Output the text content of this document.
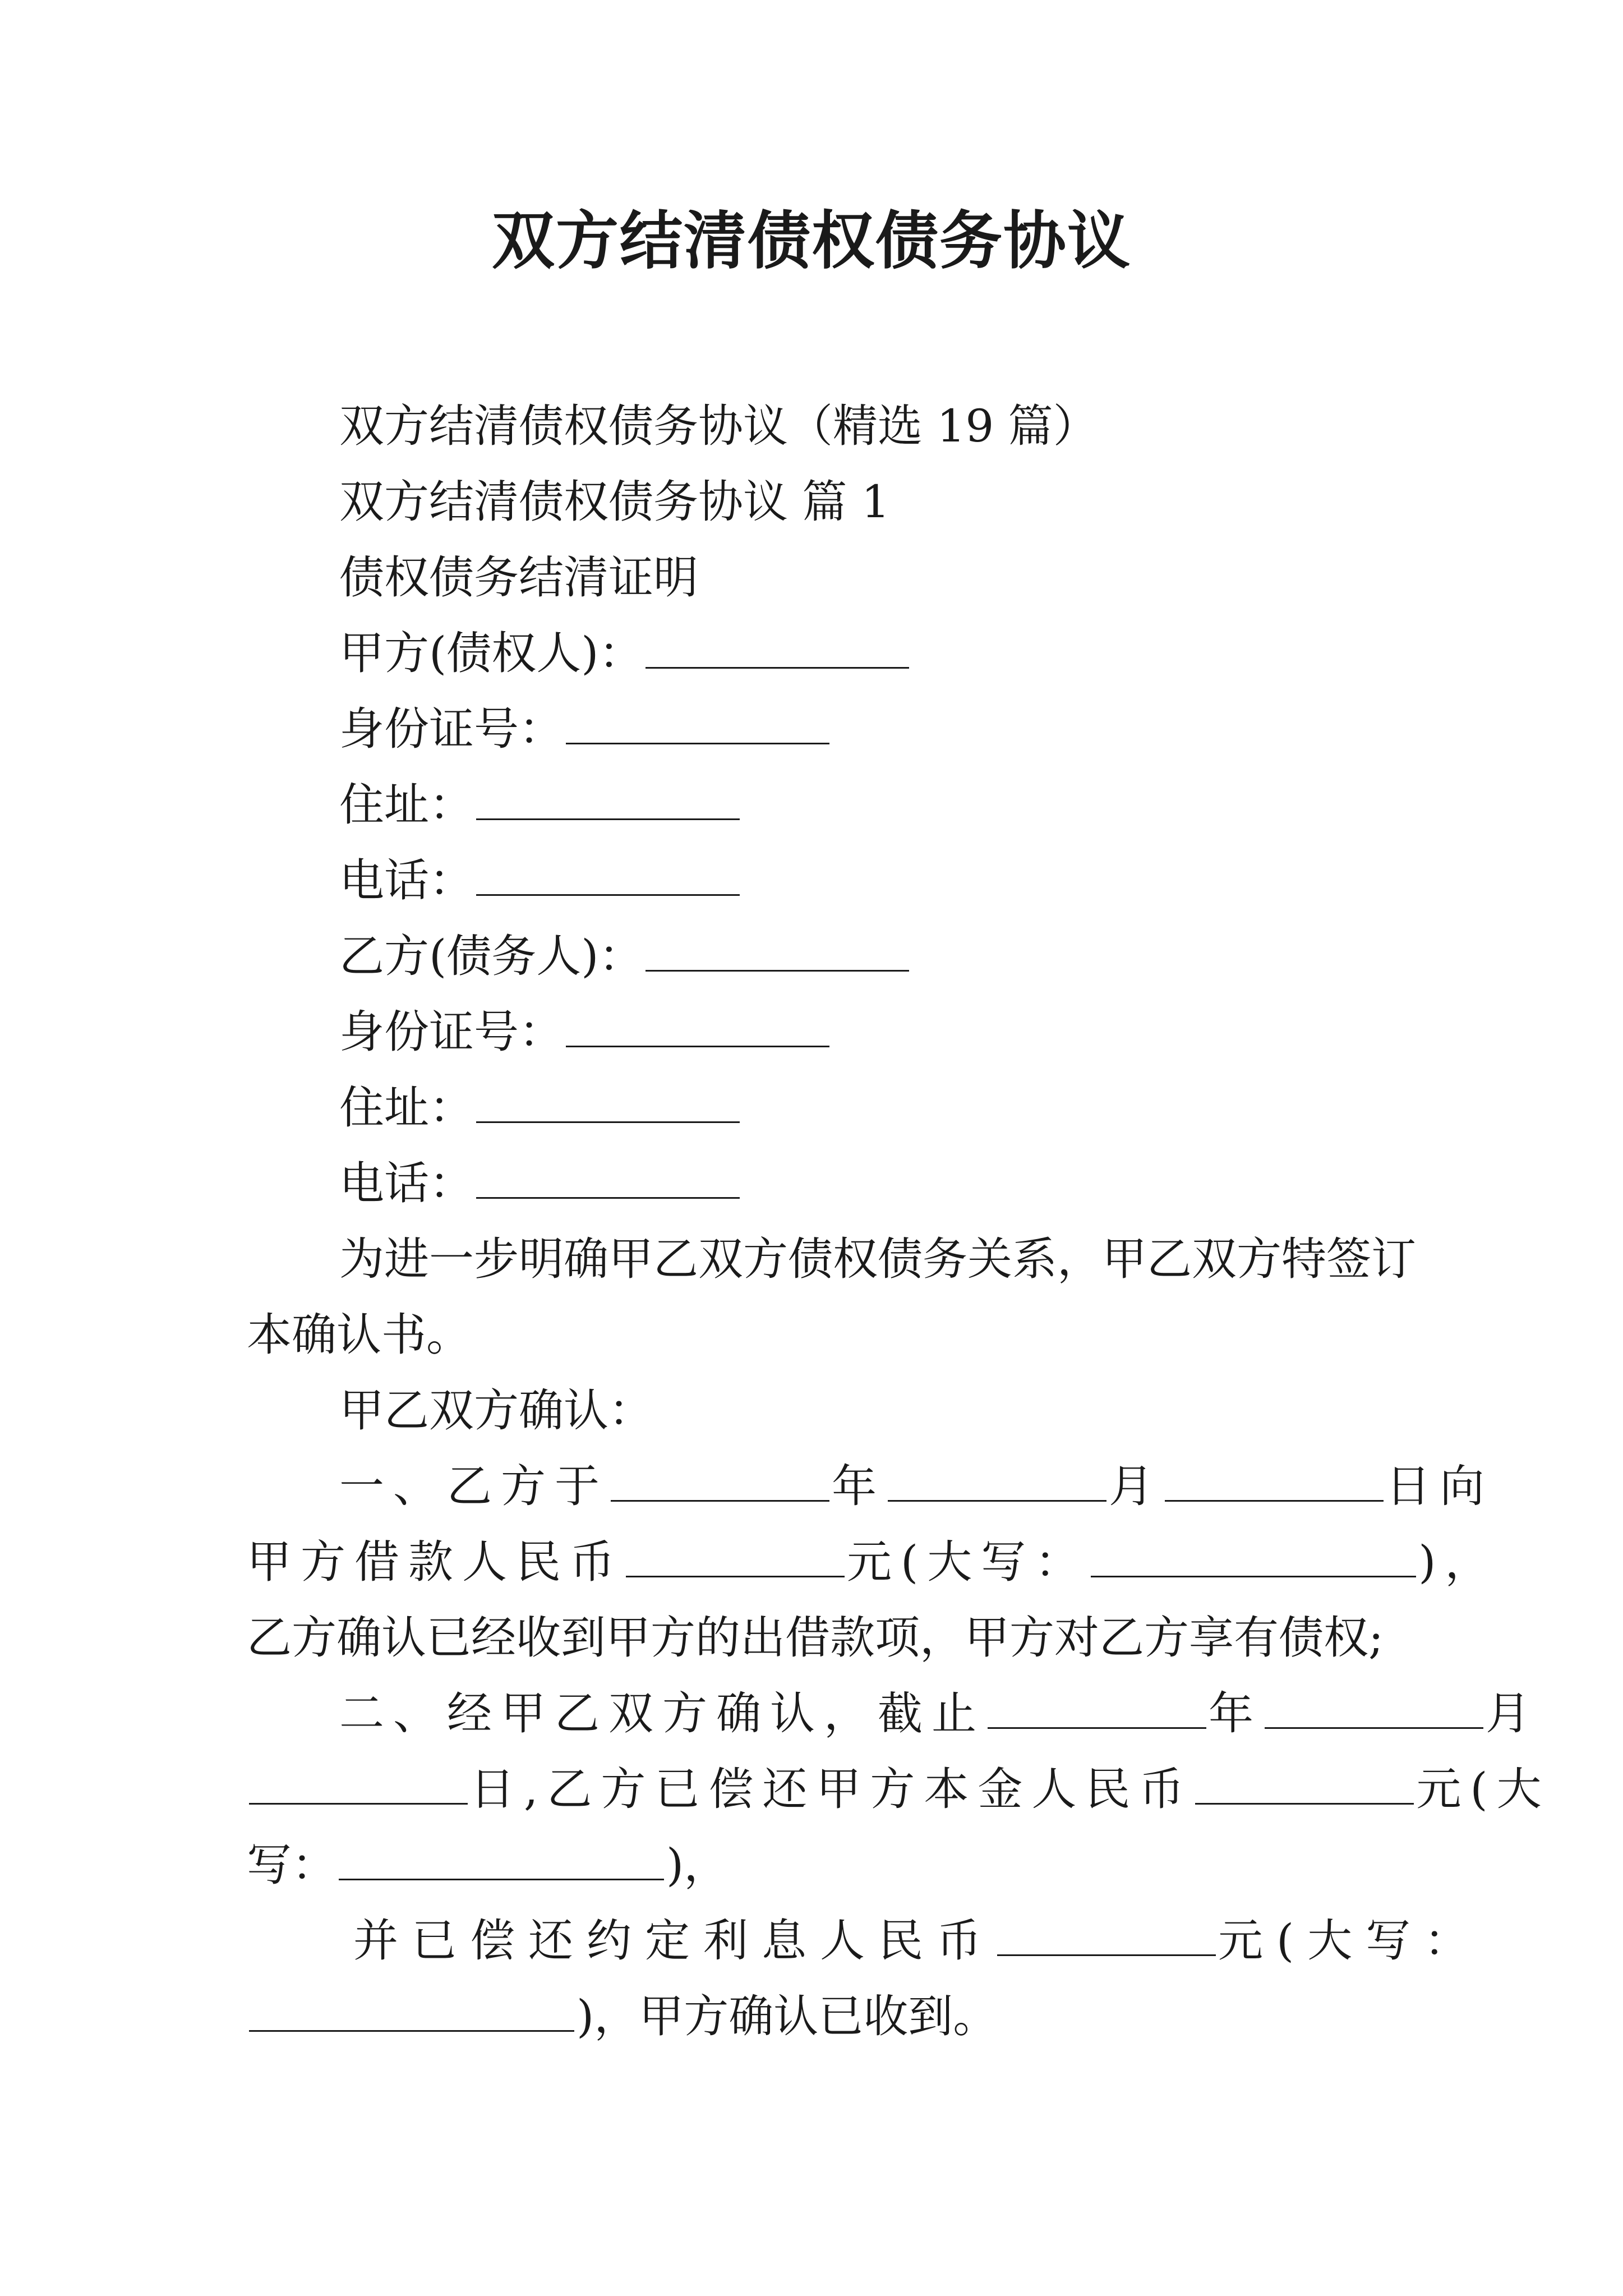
双方结清债权债务协议
双方结清债权债务协议（精选 19 篇）
双方结清债权债务协议 篇 1
债权债务结清证明
甲方(债权人)：
身份证号：
住址：
电话：
乙方(债务人)：
身份证号：
住址：
电话：
为进一步明确甲乙双方债权债务关系，甲乙双方特签订
本确认书。
甲乙双方确认：
一、乙方于	年	月	日向
甲方借款人民币	元(大写：	)，
乙方确认已经收到甲方的出借款项，甲方对乙方享有债权;
二、经甲乙双方确认，截止	年	月
日,乙方已偿还甲方本金人民币	元(大
写：	)，
并已偿还约定利息人民币	元(大写：
)，甲方确认已收到。
